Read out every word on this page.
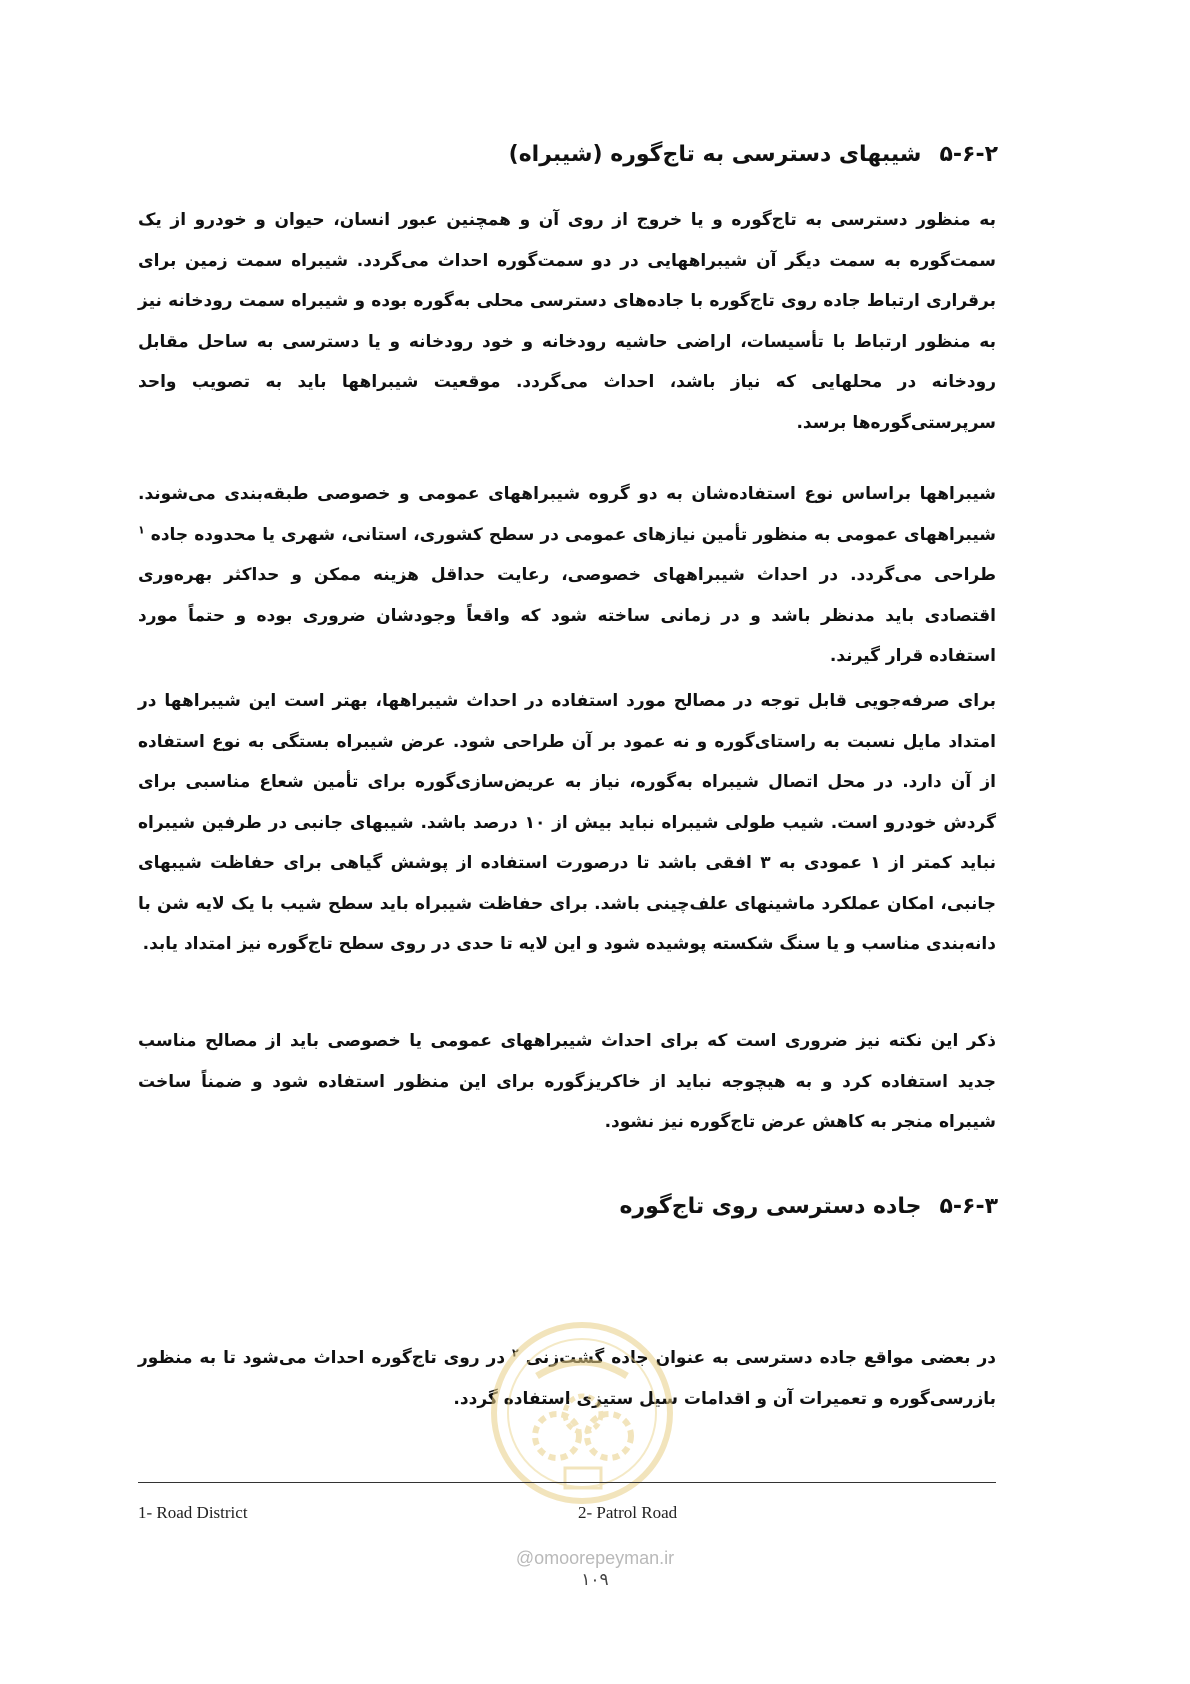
۵-۶-۲شیبهای دسترسی به تاج‌گوره (شیبراه)
به منظور دسترسی به تاج‌گوره و یا خروج از روی آن و همچنین عبور انسان، حیوان و خودرو از یک سمت‌گوره به سمت دیگر آن شیبراههایی در دو سمت‌گوره احداث می‌گردد. شیبراه سمت زمین برای برقراری ارتباط جاده روی تاج‌گوره با جاده‌های دسترسی محلی به‌گوره بوده و شیبراه سمت رودخانه نیز به منظور ارتباط با تأسیسات، اراضی حاشیه رودخانه و خود رودخانه و یا دسترسی به ساحل مقابل رودخانه در محلهایی که نیاز باشد، احداث می‌گردد. موقعیت شیبراهها باید به تصویب واحد سرپرستی‌گوره‌ها برسد.
شیبراهها براساس نوع استفاده‌شان به دو گروه شیبراههای عمومی و خصوصی طبقه‌بندی می‌شوند. شیبراههای عمومی به منظور تأمین نیازهای عمومی در سطح کشوری، استانی، شهری یا محدوده جاده $^۱$ طراحی می‌گردد. در احداث شیبراههای خصوصی، رعایت حداقل هزینه ممکن و حداکثر بهره‌وری اقتصادی باید مدنظر باشد و در زمانی ساخته شود که واقعاً وجودشان ضروری بوده و حتماً مورد استفاده قرار گیرند.
برای صرفه‌جویی قابل توجه در مصالح مورد استفاده در احداث شیبراهها، بهتر است این شیبراهها در امتداد مایل نسبت به راستای‌گوره و نه عمود بر آن طراحی شود. عرض شیبراه بستگی به نوع استفاده از آن دارد. در محل اتصال شیبراه به‌گوره، نیاز به عریض‌سازی‌گوره برای تأمین شعاع مناسبی برای گردش خودرو است. شیب طولی شیبراه نباید بیش از ۱۰ درصد باشد. شیبهای جانبی در طرفین شیبراه نباید کمتر از ۱ عمودی به ۳ افقی باشد تا درصورت استفاده از پوشش گیاهی برای حفاظت شیبهای جانبی، امکان عملکرد ماشینهای علف‌چینی باشد. برای حفاظت شیبراه باید سطح شیب با یک لایه شن با دانه‌بندی مناسب و یا سنگ شکسته پوشیده شود و این لایه تا حدی در روی سطح تاج‌گوره نیز امتداد یابد.
ذکر این نکته نیز ضروری است که برای احداث شیبراههای عمومی یا خصوصی باید از مصالح مناسب جدید استفاده کرد و به هیچوجه نباید از خاکریز‌گوره برای این منظور استفاده شود و ضمناً ساخت شیبراه منجر به کاهش عرض تاج‌گوره نیز نشود.
۵-۶-۳جاده دسترسی روی تاج‌گوره
در بعضی مواقع جاده دسترسی به عنوان جاده گشت‌زنی $^۲$ در روی تاج‌گوره احداث می‌شود تا به منظور بازرسی‌گوره و تعمیرات آن و اقدامات سیل ستیزی استفاده گردد.
1- Road District	2- Patrol Road
@omoorepeyman.ir
۱۰۹
